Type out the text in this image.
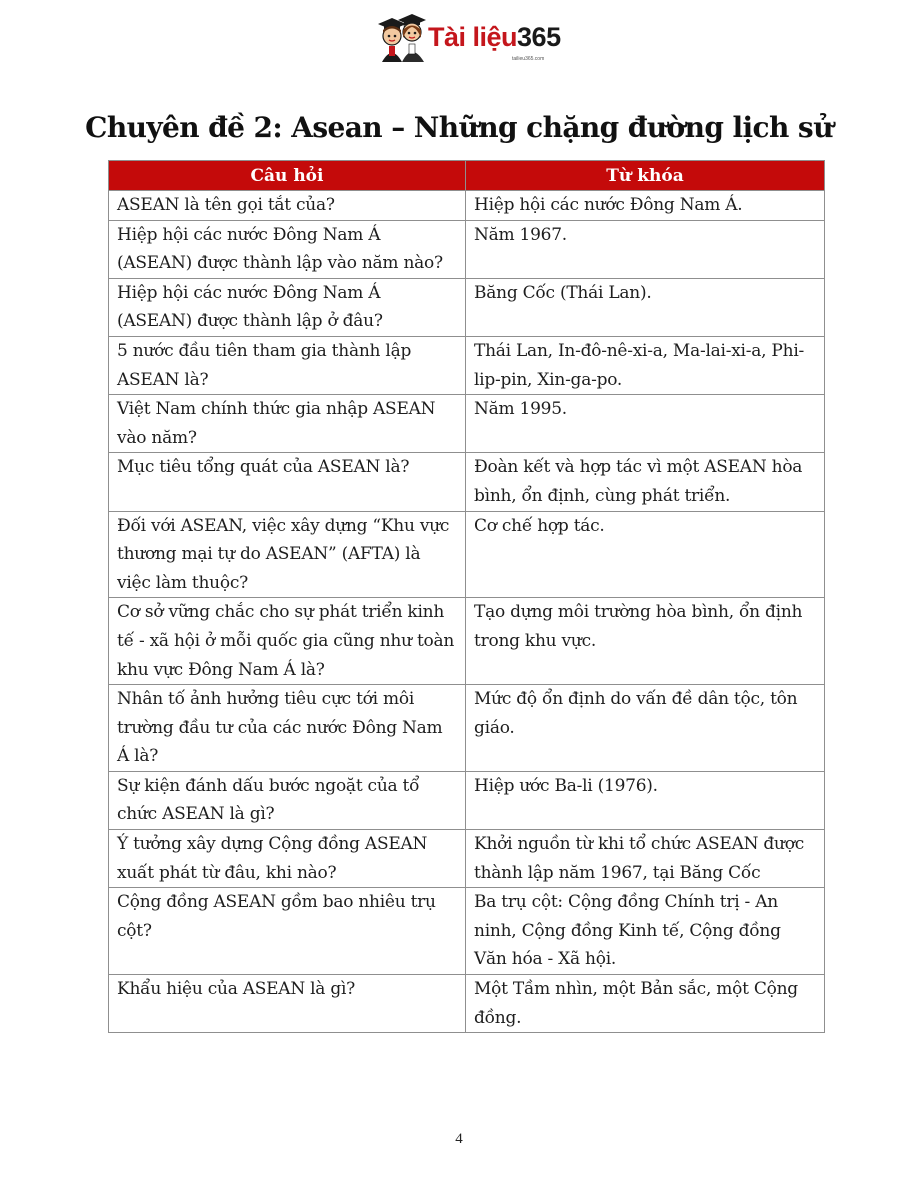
Tài liệu365
tailieu365.com
Chuyên đề 2: Asean – Những chặng đường lịch sử
Câu hỏi	Từ khóa
ASEAN là tên gọi tắt của?	Hiệp hội các nước Đông Nam Á.
Hiệp hội các nước Đông Nam Á (ASEAN) được thành lập vào năm nào?	Năm 1967.
Hiệp hội các nước Đông Nam Á (ASEAN) được thành lập ở đâu?	Băng Cốc (Thái Lan).
5 nước đầu tiên tham gia thành lập ASEAN là?	Thái Lan, In-đô-nê-xi-a, Ma-lai-xi-a, Phi-lip-pin, Xin-ga-po.
Việt Nam chính thức gia nhập ASEAN vào năm?	Năm 1995.
Mục tiêu tổng quát của ASEAN là?	Đoàn kết và hợp tác vì một ASEAN hòa bình, ổn định, cùng phát triển.
Đối với ASEAN, việc xây dựng “Khu vực thương mại tự do ASEAN” (AFTA) là việc làm thuộc?	Cơ chế hợp tác.
Cơ sở vững chắc cho sự phát triển kinh tế - xã hội ở mỗi quốc gia cũng như toàn khu vực Đông Nam Á là?	Tạo dựng môi trường hòa bình, ổn định trong khu vực.
Nhân tố ảnh hưởng tiêu cực tới môi trường đầu tư của các nước Đông Nam Á là?	Mức độ ổn định do vấn đề dân tộc, tôn giáo.
Sự kiện đánh dấu bước ngoặt của tổ chức ASEAN là gì?	Hiệp ước Ba-li (1976).
Ý tưởng xây dựng Cộng đồng ASEAN xuất phát từ đâu, khi nào?	Khởi nguồn từ khi tổ chức ASEAN được thành lập năm 1967, tại Băng Cốc
Cộng đồng ASEAN gồm bao nhiêu trụ cột?	Ba trụ cột: Cộng đồng Chính trị - An ninh, Cộng đồng Kinh tế, Cộng đồng Văn hóa - Xã hội.
Khẩu hiệu của ASEAN là gì?	Một Tầm nhìn, một Bản sắc, một Cộng đồng.
4
